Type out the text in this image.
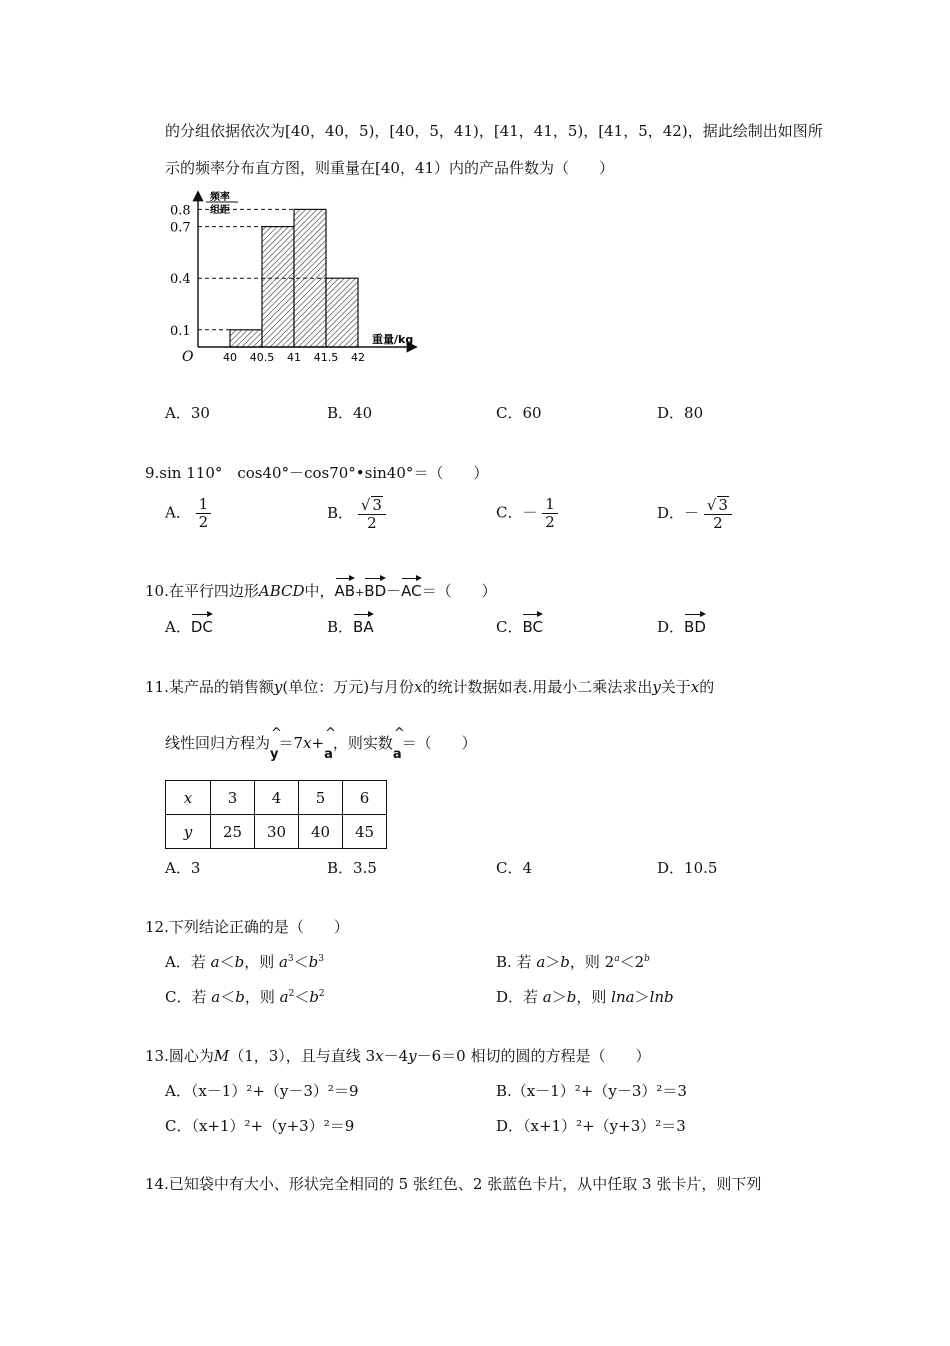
的分组依据依次为[40，40，5)，[40，5，41)，[41，41，5)，[41，5，42)，据此绘制出如图所
示的频率分布直方图，则重量在[40，41）内的产品件数为（　　）
频率
组距
重量/kg
O
0.1
0.4
0.7
0.8
40 40.5 41 41.5 42
A．30	B．40	C．60	D．80
9.sin 110°　cos40°－cos70°•sin40°＝（　　）
A． $\frac{1}{2}$	B． $\frac{√ 3}{2}$	C．－ $\frac{1}{2}$	D．－ $\frac{√ 3}{2}$
10.在平行四边形ABCD中，AB+BD－AC＝（　　）
A．DC	B．BA	C．BC	D．BD
11.某产品的销售额y(单位：万元)与月份x的统计数据如表.用最小二乘法求出y关于x的
线性回归方程为^ y＝7x+^ a，则实数^ a＝（　　）
x	3	4	5	6
y	25	30	40	45
A．3	B．3.5	C．4	D．10.5
12.下列结论正确的是（　　）
A．若 a＜b，则 $a^3<b^3$	B. 若 a＞b，则 $2^a<2^b$
C．若 a＜b，则 $a^2<b^2$	D．若 a＞b，则 lna＞lnb
13.圆心为M（1，3），且与直线 3x－4y－6＝0 相切的圆的方程是（　　）
A．（x－1）²+（y－3）²＝9	B.（x－1）²+（y－3）²＝3
C．（x+1）²+（y+3）²＝9	D．（x+1）²+（y+3）²＝3
14.已知袋中有大小、形状完全相同的 5 张红色、2 张蓝色卡片，从中任取 3 张卡片，则下列
